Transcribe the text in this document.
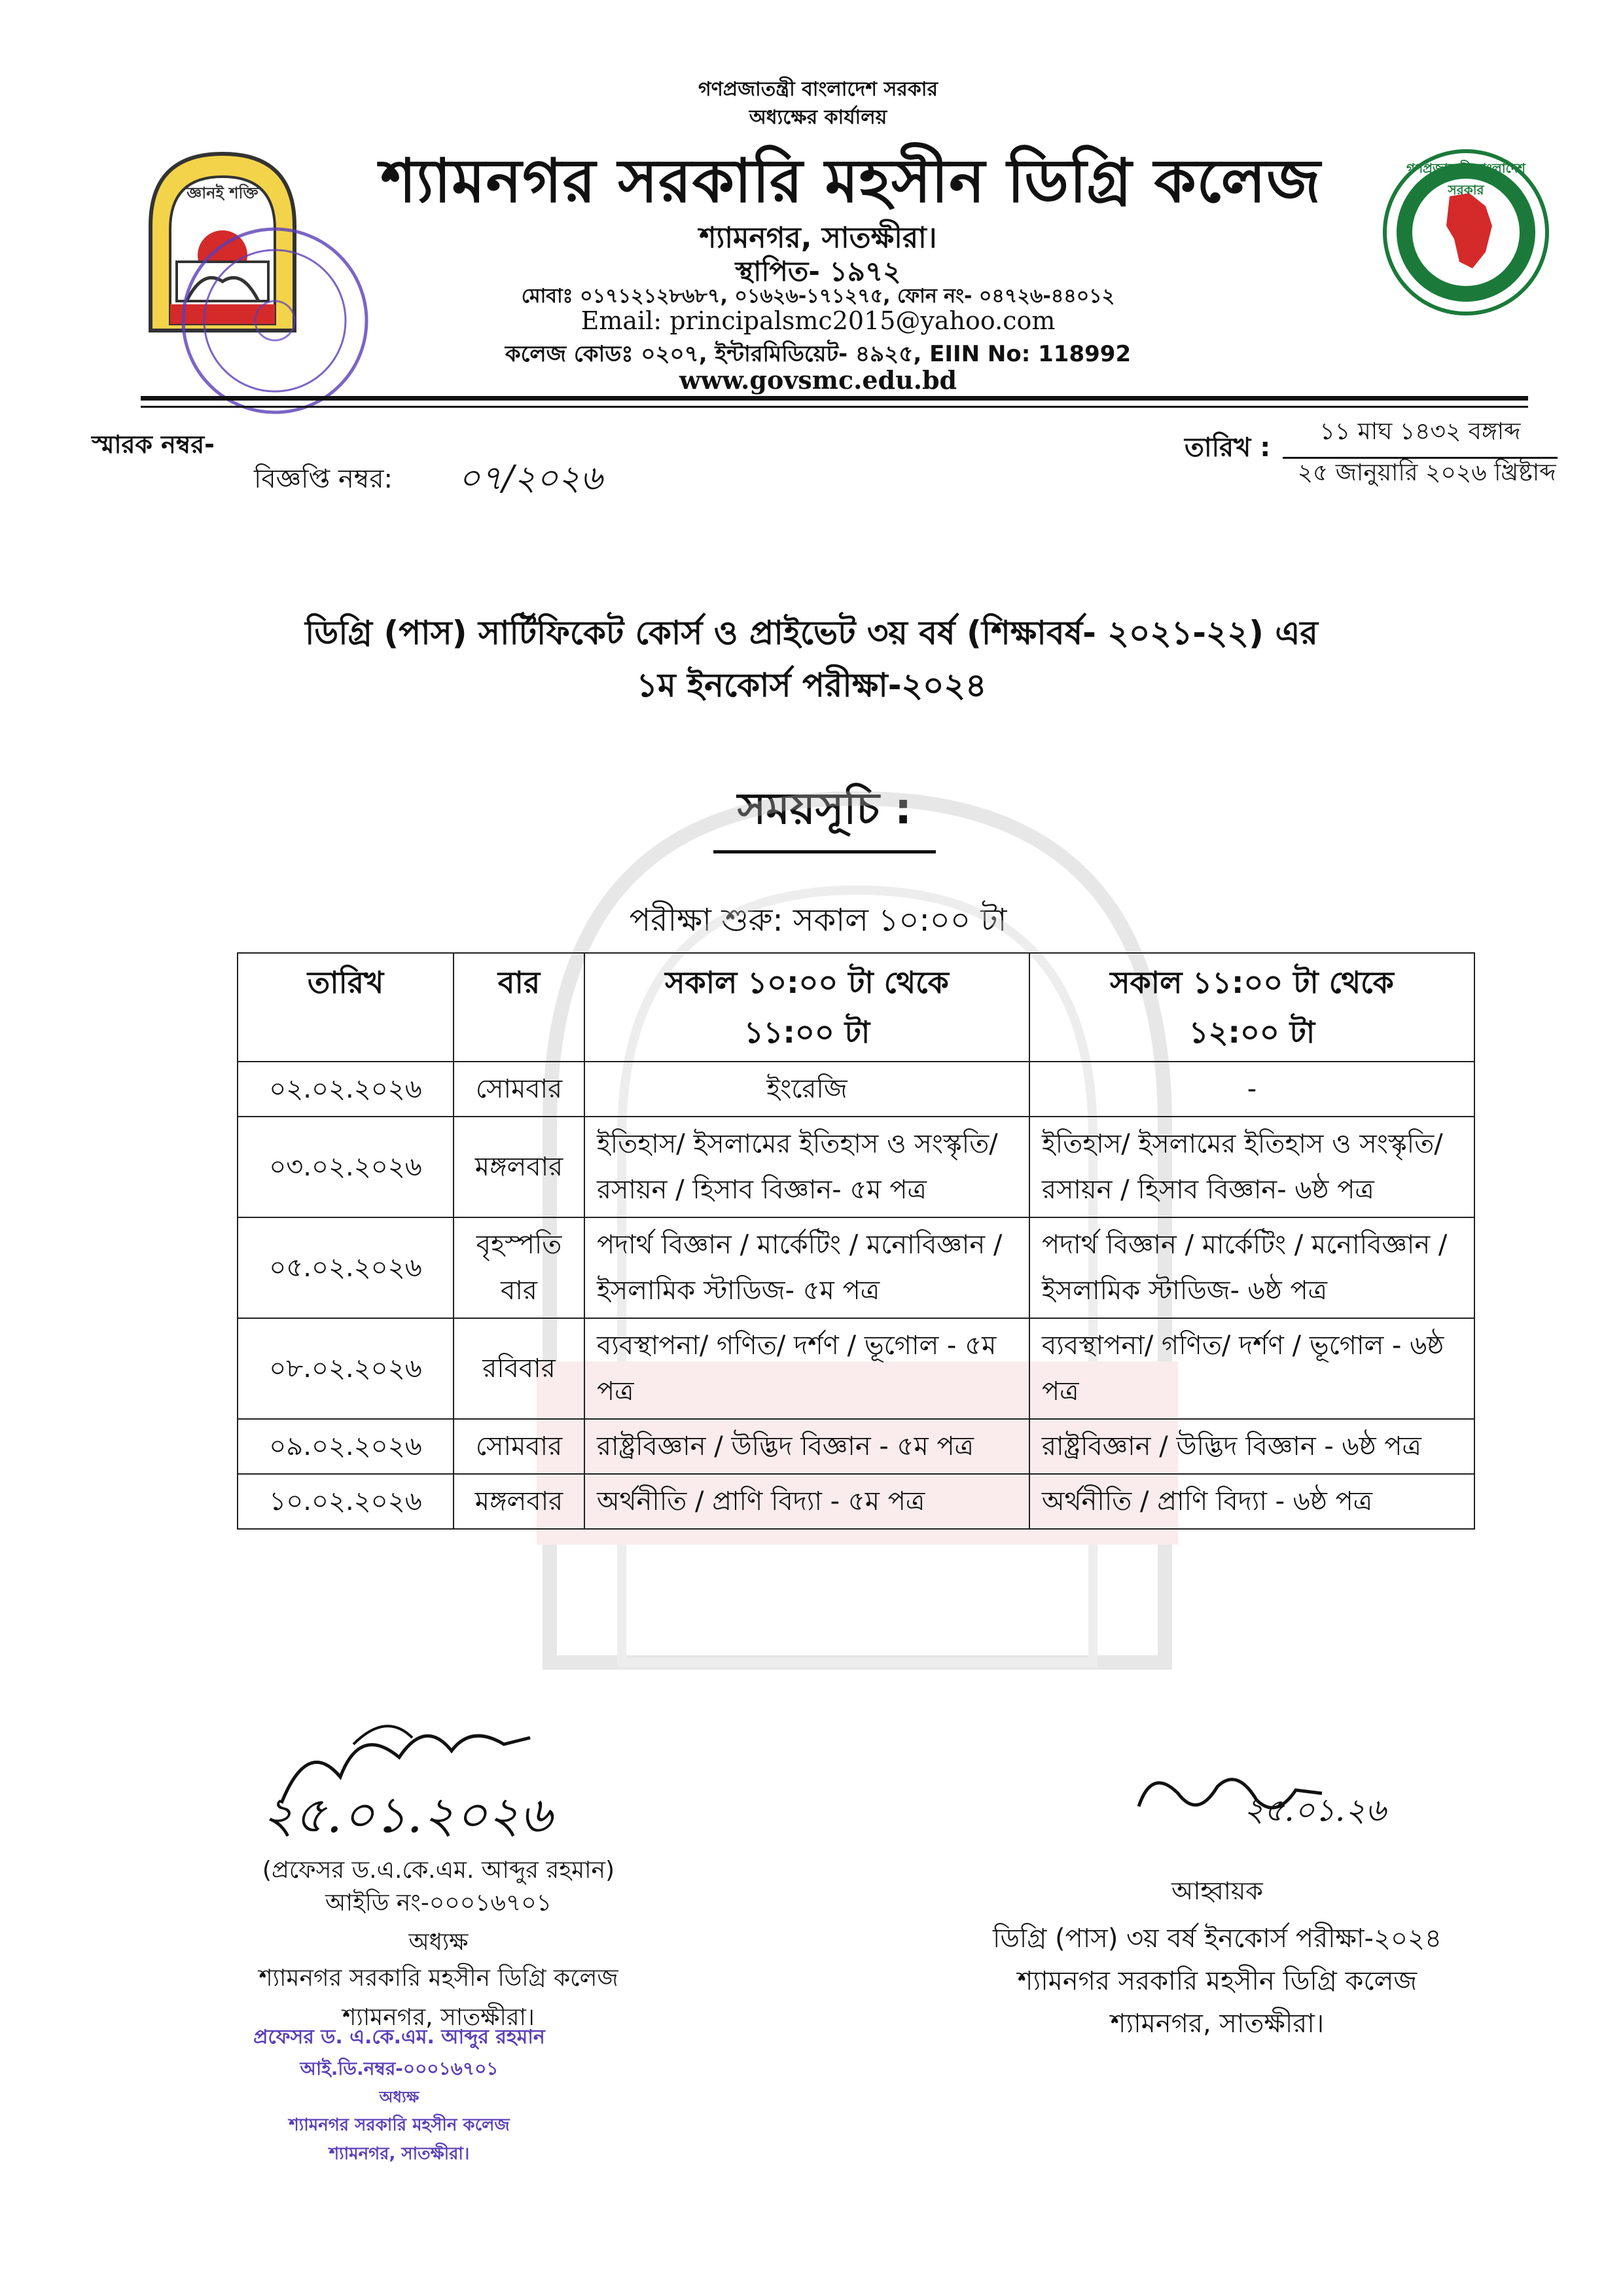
গণপ্রজাতন্ত্রী বাংলাদেশ সরকার
অধ্যক্ষের কার্যালয়
শ্যামনগর সরকারি মহসীন ডিগ্রি কলেজ
শ্যামনগর, সাতক্ষীরা।
স্থাপিত- ১৯৭২
মোবাঃ ০১৭১২১২৮৬৮৭, ০১৬২৬-১৭১২৭৫, ফোন নং- ০৪৭২৬-৪৪০১২
Email: principalsmc2015@yahoo.com
কলেজ কোডঃ ০২০৭, ইন্টারমিডিয়েট- ৪৯২৫, EIIN No: 118992
www.govsmc.edu.bd
জ্ঞানই শক্তি
গণপ্রজাতন্ত্রী বাংলাদেশ সরকার
স্মারক নম্বর-
বিজ্ঞপ্তি নম্বর: ০৭/২০২৬
তারিখ :
১১ মাঘ ১৪৩২ বঙ্গাব্দ
২৫ জানুয়ারি ২০২৬ খ্রিষ্টাব্দ
ডিগ্রি (পাস) সার্টিফিকেট কোর্স ও প্রাইভেট ৩য় বর্ষ (শিক্ষাবর্ষ- ২০২১-২২) এর
১ম ইনকোর্স পরীক্ষা-২০২৪
সময়সূচি :
পরীক্ষা শুরু: সকাল ১০:০০ টা
তারিখ	বার	সকাল ১০:০০ টা থেকে ১১:০০ টা	সকাল ১১:০০ টা থেকে ১২:০০ টা
০২.০২.২০২৬	সোমবার	ইংরেজি	-
০৩.০২.২০২৬	মঙ্গলবার	ইতিহাস/ ইসলামের ইতিহাস ও সংস্কৃতি/রসায়ন / হিসাব বিজ্ঞান- ৫ম পত্র	ইতিহাস/ ইসলামের ইতিহাস ও সংস্কৃতি/রসায়ন / হিসাব বিজ্ঞান- ৬ষ্ঠ পত্র
০৫.০২.২০২৬	বৃহস্পতি বার	পদার্থ বিজ্ঞান / মার্কেটিং / মনোবিজ্ঞান / ইসলামিক স্টাডিজ- ৫ম পত্র	পদার্থ বিজ্ঞান / মার্কেটিং / মনোবিজ্ঞান / ইসলামিক স্টাডিজ- ৬ষ্ঠ পত্র
০৮.০২.২০২৬	রবিবার	ব্যবস্থাপনা/ গণিত/ দর্শণ / ভূগোল - ৫ম পত্র	ব্যবস্থাপনা/ গণিত/ দর্শণ / ভূগোল - ৬ষ্ঠ পত্র
০৯.০২.২০২৬	সোমবার	রাষ্ট্রবিজ্ঞান / উদ্ভিদ বিজ্ঞান - ৫ম পত্র	রাষ্ট্রবিজ্ঞান / উদ্ভিদ বিজ্ঞান - ৬ষ্ঠ পত্র
১০.০২.২০২৬	মঙ্গলবার	অর্থনীতি / প্রাণি বিদ্যা - ৫ম পত্র	অর্থনীতি / প্রাণি বিদ্যা - ৬ষ্ঠ পত্র
২৫.০১.২০২৬
(প্রফেসর ড.এ.কে.এম. আব্দুর রহমান)
আইডি নং-০০০১৬৭০১
অধ্যক্ষ
শ্যামনগর সরকারি মহসীন ডিগ্রি কলেজ
শ্যামনগর, সাতক্ষীরা।
প্রফেসর ড. এ.কে.এম. আব্দুর রহমান
আই.ডি.নম্বর-০০০১৬৭০১
অধ্যক্ষ
শ্যামনগর সরকারি মহসীন কলেজ
শ্যামনগর, সাতক্ষীরা।
২৫.০১.২৬
আহ্বায়ক
ডিগ্রি (পাস) ৩য় বর্ষ ইনকোর্স পরীক্ষা-২০২৪
শ্যামনগর সরকারি মহসীন ডিগ্রি কলেজ
শ্যামনগর, সাতক্ষীরা।
